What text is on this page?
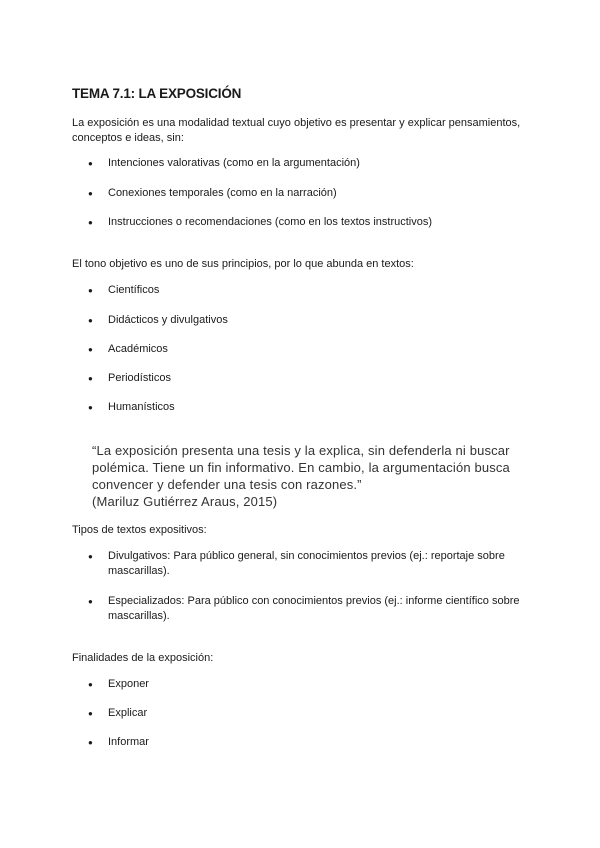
TEMA 7.1: LA EXPOSICIÓN
La exposición es una modalidad textual cuyo objetivo es presentar y explicar pensamientos, conceptos e ideas, sin:
● Intenciones valorativas (como en la argumentación)
● Conexiones temporales (como en la narración)
● Instrucciones o recomendaciones (como en los textos instructivos)
El tono objetivo es uno de sus principios, por lo que abunda en textos:
● Científicos
● Didácticos y divulgativos
● Académicos
● Periodísticos
● Humanísticos
“La exposición presenta una tesis y la explica, sin defenderla ni buscar polémica. Tiene un fin informativo. En cambio, la argumentación busca convencer y defender una tesis con razones.”
(Mariluz Gutiérrez Araus, 2015)
Tipos de textos expositivos:
● Divulgativos: Para público general, sin conocimientos previos (ej.: reportaje sobre mascarillas).
● Especializados: Para público con conocimientos previos (ej.: informe científico sobre mascarillas).
Finalidades de la exposición:
● Exponer
● Explicar
● Informar
